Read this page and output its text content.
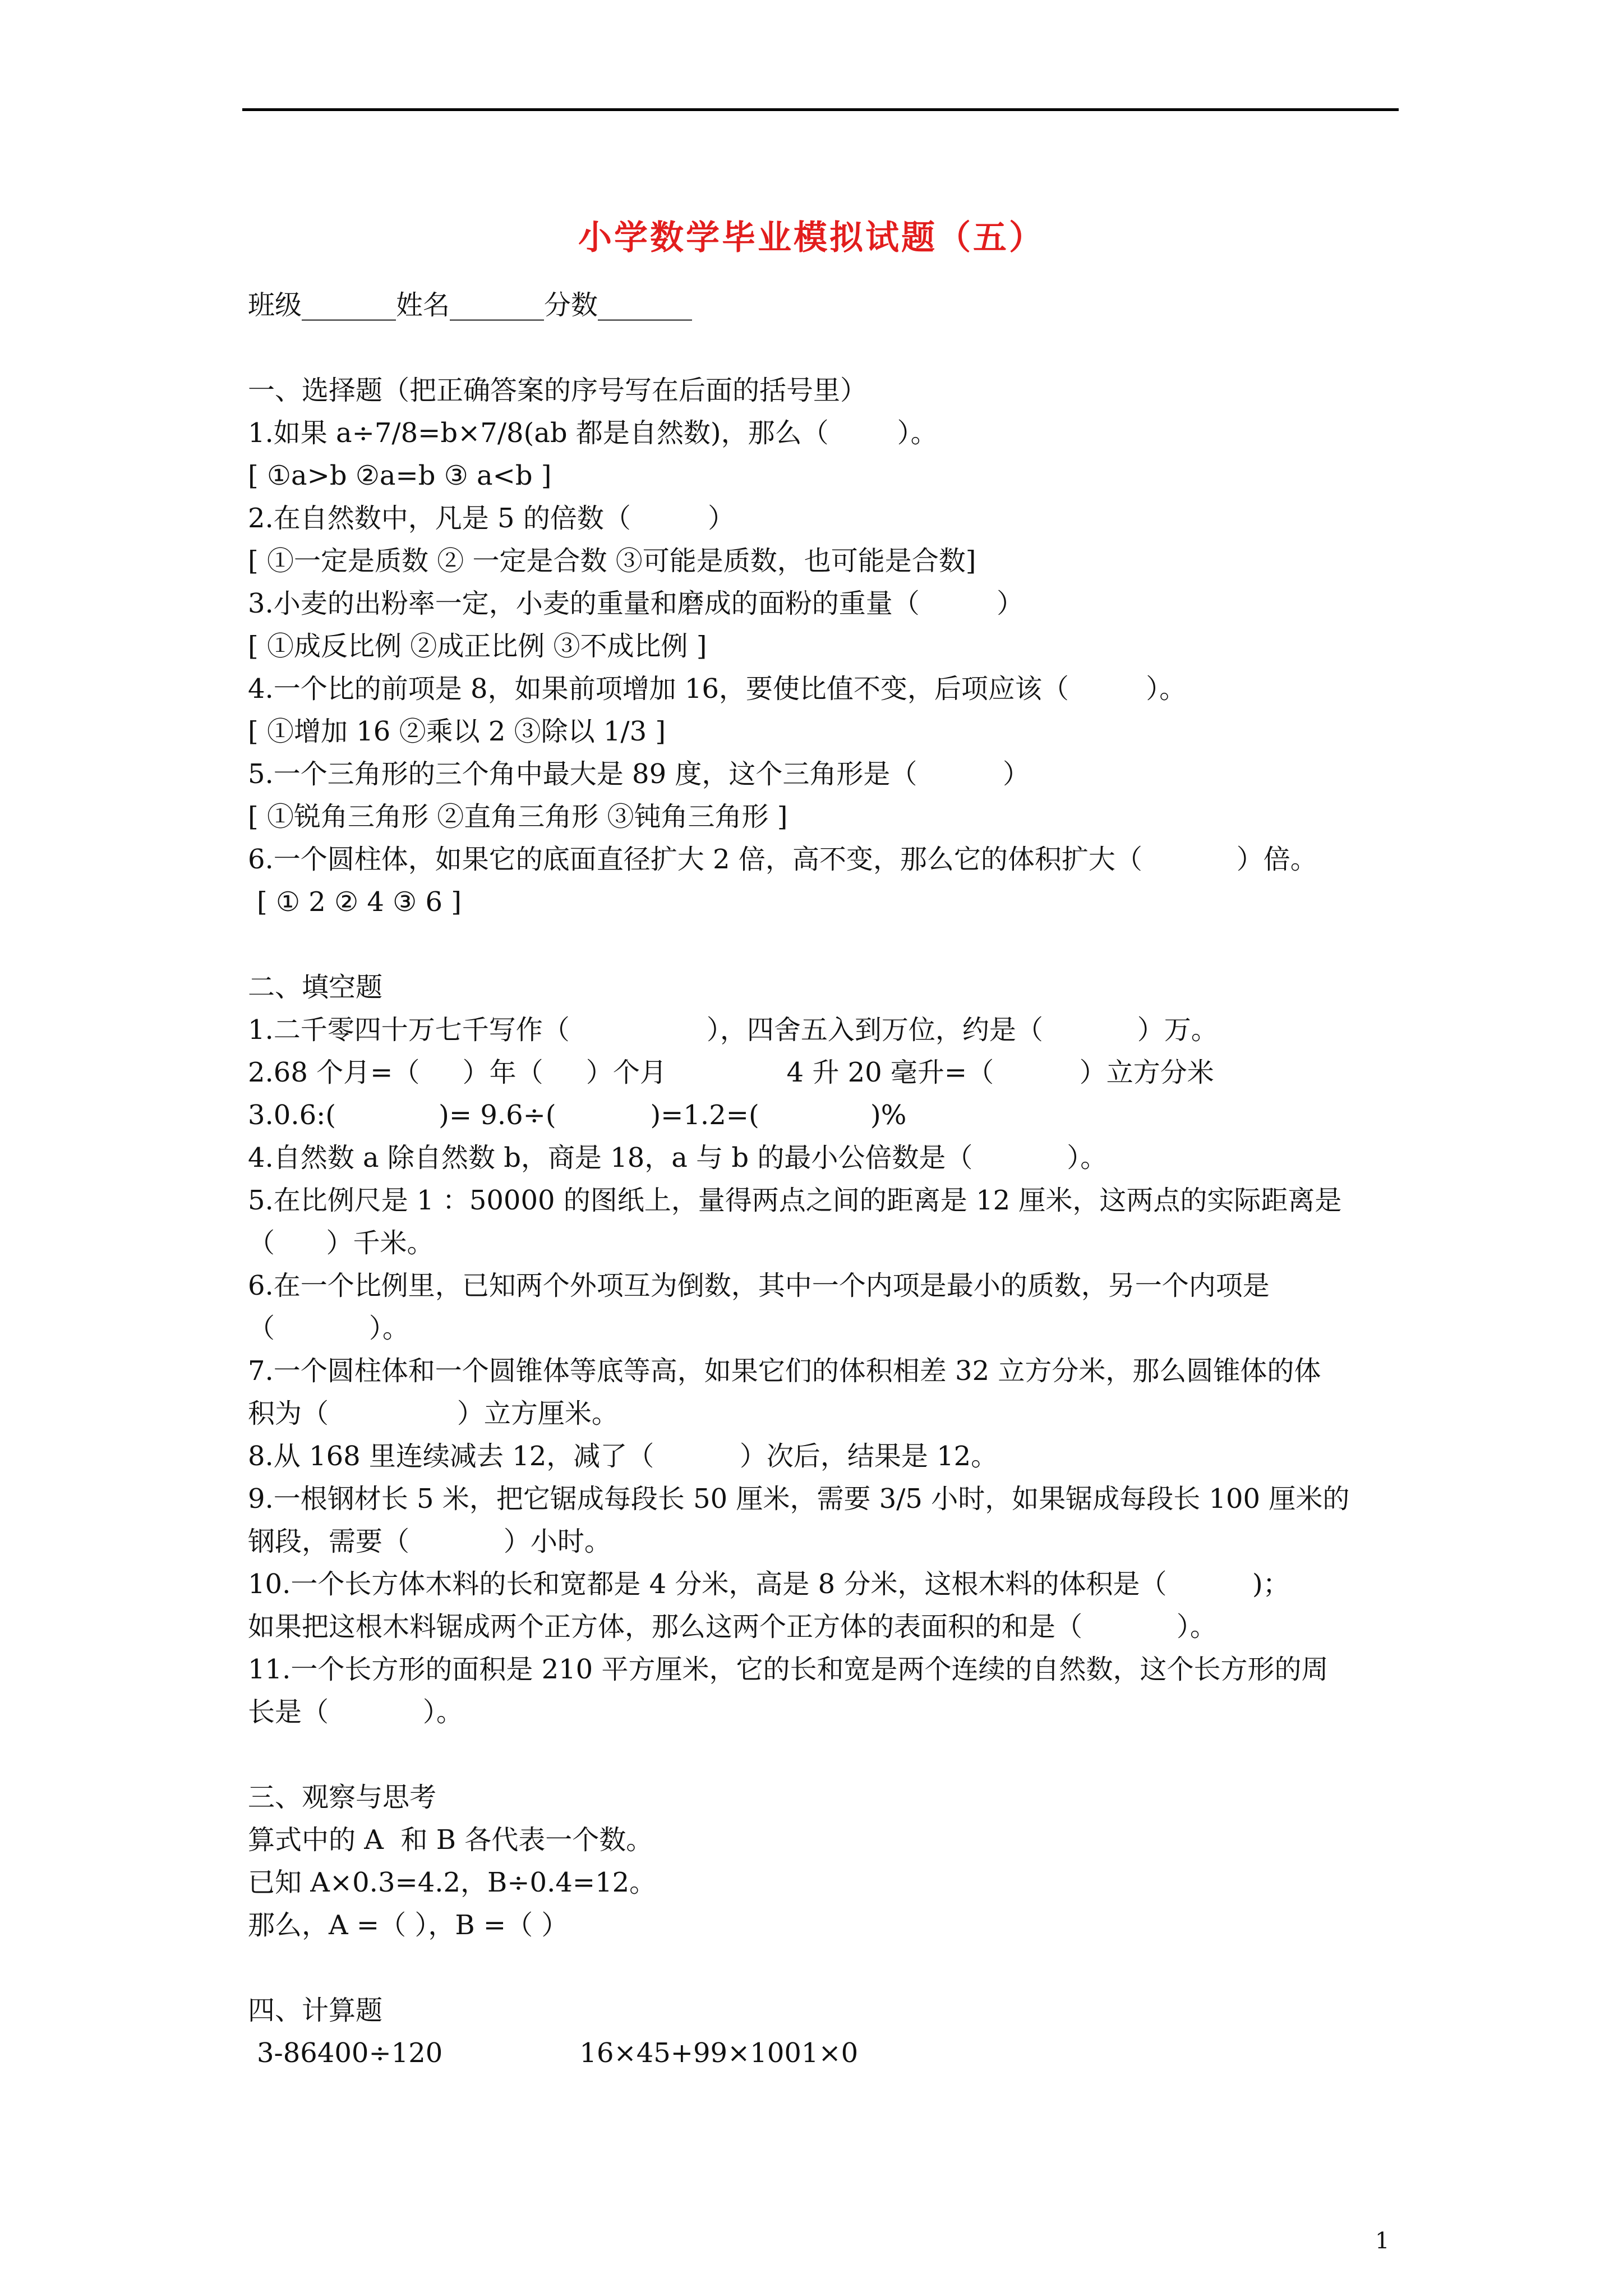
小学数学毕业模拟试题（五）
班级_______姓名_______分数_______
一、选择题（把正确答案的序号写在后面的括号里）
1.如果 a÷7/8=b×7/8(ab 都是自然数)，那么（        ）。
[ ①a>b ②a=b ③ a<b ]
2.在自然数中，凡是 5 的倍数（         ）
[ ①一定是质数 ② 一定是合数 ③可能是质数，也可能是合数]
3.小麦的出粉率一定，小麦的重量和磨成的面粉的重量（         ）
[ ①成反比例 ②成正比例 ③不成比例 ]
4.一个比的前项是 8，如果前项增加 16，要使比值不变，后项应该（         ）。
[ ①增加 16 ②乘以 2 ③除以 1/3 ]
5.一个三角形的三个角中最大是 89 度，这个三角形是（          ）
[ ①锐角三角形 ②直角三角形 ③钝角三角形 ]
6.一个圆柱体，如果它的底面直径扩大 2 倍，高不变，那么它的体积扩大（           ）倍。
[ ① 2 ② 4 ③ 6 ]
二、填空题
1.二千零四十万七千写作（                ），四舍五入到万位，约是（           ）万。
2.68 个月=（     ）年（     ）个月              4 升 20 毫升=（          ）立方分米
3.0.6:(            )= 9.6÷(           )=1.2=(             )%
4.自然数 a 除自然数 b，商是 18，a 与 b 的最小公倍数是（           ）。
5.在比例尺是 1 ：50000 的图纸上，量得两点之间的距离是 12 厘米，这两点的实际距离是
（      ）千米。
6.在一个比例里，已知两个外项互为倒数，其中一个内项是最小的质数，另一个内项是
（           ）。
7.一个圆柱体和一个圆锥体等底等高，如果它们的体积相差 32 立方分米，那么圆锥体的体
积为（               ）立方厘米。
8.从 168 里连续减去 12，减了（          ）次后，结果是 12。
9.一根钢材长 5 米，把它锯成每段长 50 厘米，需要 3/5 小时，如果锯成每段长 100 厘米的
钢段，需要（           ）小时。
10.一个长方体木料的长和宽都是 4 分米，高是 8 分米，这根木料的体积是（          )；
如果把这根木料锯成两个正方体，那么这两个正方体的表面积的和是（           ）。
11.一个长方形的面积是 210 平方厘米，它的长和宽是两个连续的自然数，这个长方形的周
长是（           ）。
三、观察与思考
算式中的 A  和 B 各代表一个数。
已知 A×0.3=4.2，B÷0.4=12。
那么，A =（ ），B =（ ）
四、计算题
3-86400÷120                16×45+99×1001×0
1
